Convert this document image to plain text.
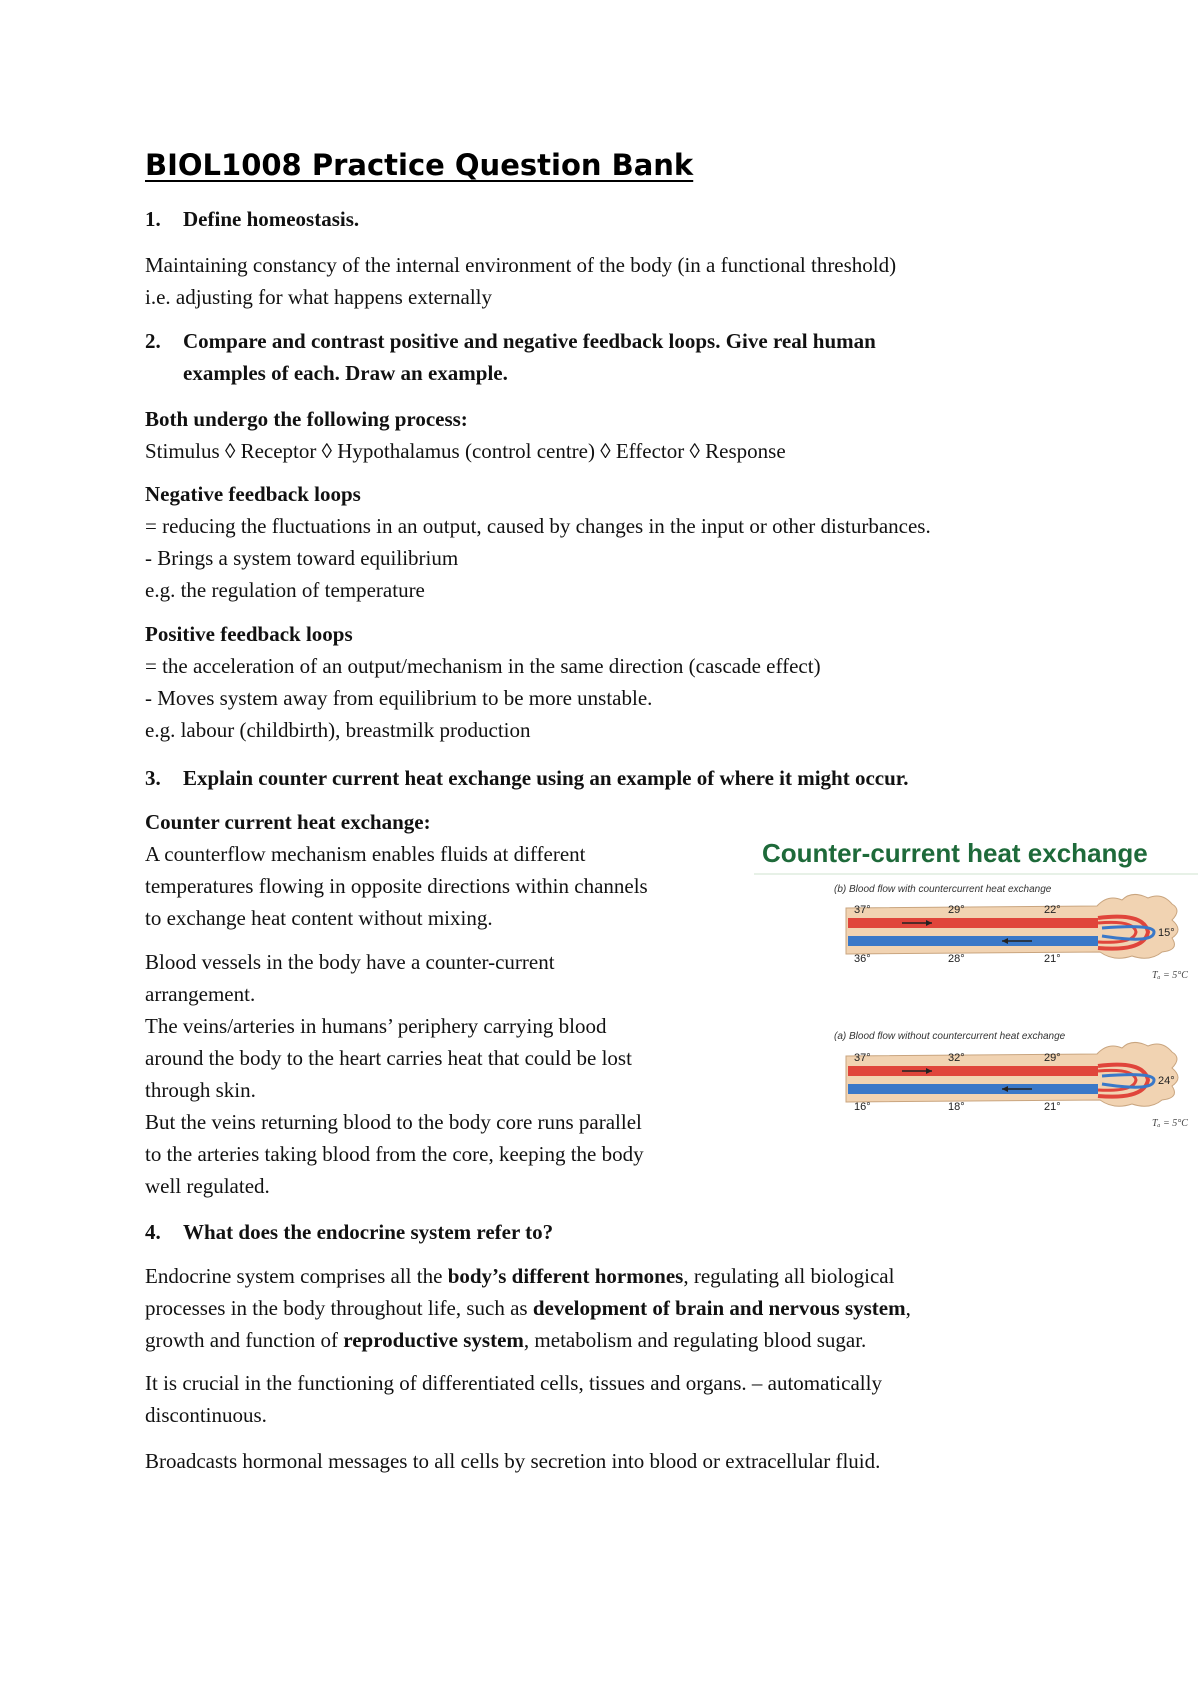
BIOL1008 Practice Question Bank
1. Define homeostasis.
Maintaining constancy of the internal environment of the body (in a functional threshold)
i.e. adjusting for what happens externally
2. Compare and contrast positive and negative feedback loops. Give real human
examples of each. Draw an example.
Both undergo the following process:
Stimulus ◊ Receptor ◊ Hypothalamus (control centre) ◊ Effector ◊ Response
Negative feedback loops
= reducing the fluctuations in an output, caused by changes in the input or other disturbances.
- Brings a system toward equilibrium
e.g. the regulation of temperature
Positive feedback loops
= the acceleration of an output/mechanism in the same direction (cascade effect)
- Moves system away from equilibrium to be more unstable.
e.g. labour (childbirth), breastmilk production
3. Explain counter current heat exchange using an example of where it might occur.
Counter current heat exchange:
A counterflow mechanism enables fluids at different
temperatures flowing in opposite directions within channels
to exchange heat content without mixing.
Blood vessels in the body have a counter-current
arrangement.
The veins/arteries in humans’ periphery carrying blood
around the body to the heart carries heat that could be lost
through skin.
But the veins returning blood to the body core runs parallel
to the arteries taking blood from the core, keeping the body
well regulated.
(b) Blood flow with countercurrent heat exchange
37°	29°	22°
36°	28°	21°
15°
Tₐ = 5°C
(a) Blood flow without countercurrent heat exchange
37°	32°	29°
16°	18°	21°
24°
Tₐ = 5°C
Counter-current heat exchange
4. What does the endocrine system refer to?
Endocrine system comprises all the body’s different hormones, regulating all biological
processes in the body throughout life, such as development of brain and nervous system,
growth and function of reproductive system, metabolism and regulating blood sugar.
It is crucial in the functioning of differentiated cells, tissues and organs. – automatically
discontinuous.
Broadcasts hormonal messages to all cells by secretion into blood or extracellular fluid.
